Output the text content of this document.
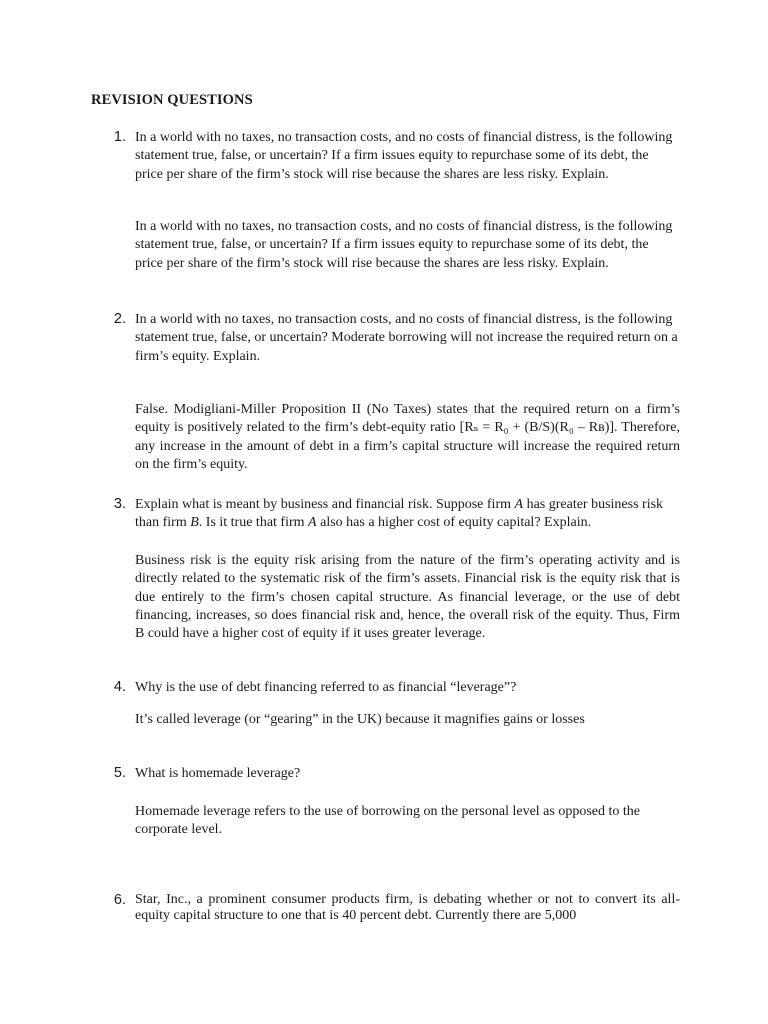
REVISION QUESTIONS
1. In a world with no taxes, no transaction costs, and no costs of financial distress, is the following statement true, false, or uncertain? If a firm issues equity to repurchase some of its debt, the price per share of the firm’s stock will rise because the shares are less risky. Explain.
In a world with no taxes, no transaction costs, and no costs of financial distress, is the following statement true, false, or uncertain? If a firm issues equity to repurchase some of its debt, the price per share of the firm’s stock will rise because the shares are less risky. Explain.
2. In a world with no taxes, no transaction costs, and no costs of financial distress, is the following statement true, false, or uncertain? Moderate borrowing will not increase the required return on a firm’s equity. Explain.
False. Modigliani-Miller Proposition II (No Taxes) states that the required return on a firm’s equity is positively related to the firm’s debt-equity ratio [Rₛ = R₀ + (B/S)(R₀ – Rʙ)]. Therefore, any increase in the amount of debt in a firm’s capital structure will increase the required return on the firm’s equity.
3. Explain what is meant by business and financial risk. Suppose firm A has greater business risk than firm B. Is it true that firm A also has a higher cost of equity capital? Explain.
Business risk is the equity risk arising from the nature of the firm’s operating activity and is directly related to the systematic risk of the firm’s assets. Financial risk is the equity risk that is due entirely to the firm’s chosen capital structure. As financial leverage, or the use of debt financing, increases, so does financial risk and, hence, the overall risk of the equity. Thus, Firm B could have a higher cost of equity if it uses greater leverage.
4. Why is the use of debt financing referred to as financial “leverage”?
It’s called leverage (or “gearing” in the UK) because it magnifies gains or losses
5. What is homemade leverage?
Homemade leverage refers to the use of borrowing on the personal level as opposed to the corporate level.
6. Star, Inc., a prominent consumer products firm, is debating whether or not to convert its all-equity capital structure to one that is 40 percent debt. Currently there are 5,000
